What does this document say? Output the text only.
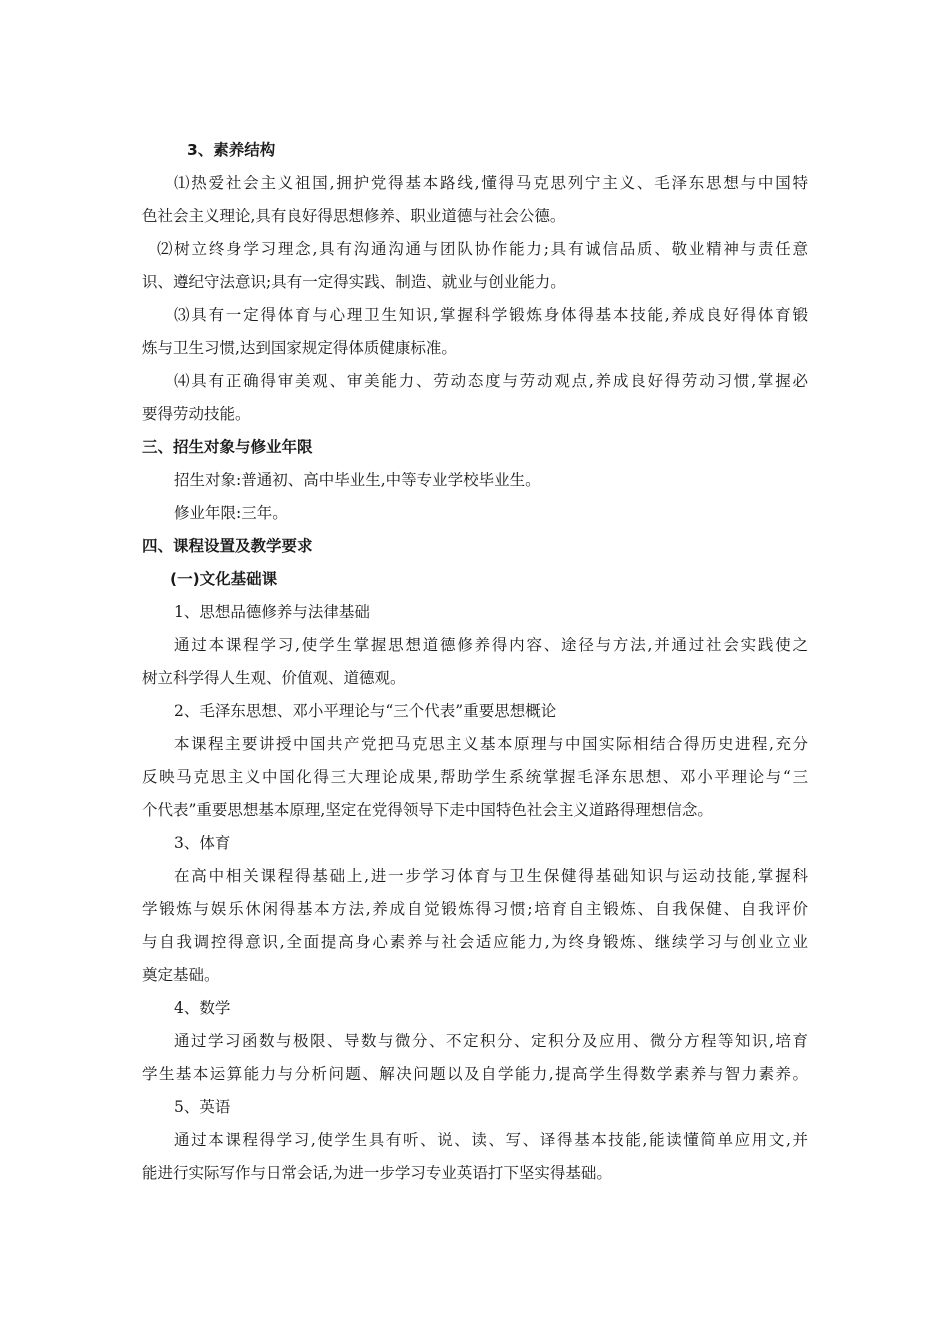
3、素养结构
⑴热爱社会主义祖国,拥护党得基本路线,懂得马克思列宁主义、毛泽东思想与中国特
色社会主义理论,具有良好得思想修养、职业道德与社会公德。
⑵树立终身学习理念,具有沟通沟通与团队协作能力;具有诚信品质、敬业精神与责任意
识、遵纪守法意识;具有一定得实践、制造、就业与创业能力。
⑶具有一定得体育与心理卫生知识,掌握科学锻炼身体得基本技能,养成良好得体育锻
炼与卫生习惯,达到国家规定得体质健康标准。
⑷具有正确得审美观、审美能力、劳动态度与劳动观点,养成良好得劳动习惯,掌握必
要得劳动技能。
三、招生对象与修业年限
招生对象:普通初、高中毕业生,中等专业学校毕业生。
修业年限:三年。
四、课程设置及教学要求
(一)文化基础课
1、思想品德修养与法律基础
通过本课程学习,使学生掌握思想道德修养得内容、途径与方法,并通过社会实践使之
树立科学得人生观、价值观、道德观。
2、毛泽东思想、邓小平理论与“三个代表”重要思想概论
本课程主要讲授中国共产党把马克思主义基本原理与中国实际相结合得历史进程,充分
反映马克思主义中国化得三大理论成果,帮助学生系统掌握毛泽东思想、邓小平理论与“三
个代表”重要思想基本原理,坚定在党得领导下走中国特色社会主义道路得理想信念。
3、体育
在高中相关课程得基础上,进一步学习体育与卫生保健得基础知识与运动技能,掌握科
学锻炼与娱乐休闲得基本方法,养成自觉锻炼得习惯;培育自主锻炼、自我保健、自我评价
与自我调控得意识,全面提高身心素养与社会适应能力,为终身锻炼、继续学习与创业立业
奠定基础。
4、数学
通过学习函数与极限、导数与微分、不定积分、定积分及应用、微分方程等知识,培育
学生基本运算能力与分析问题、解决问题以及自学能力,提高学生得数学素养与智力素养。
5、英语
通过本课程得学习,使学生具有听、说、读、写、译得基本技能,能读懂简单应用文,并
能进行实际写作与日常会话,为进一步学习专业英语打下坚实得基础。
